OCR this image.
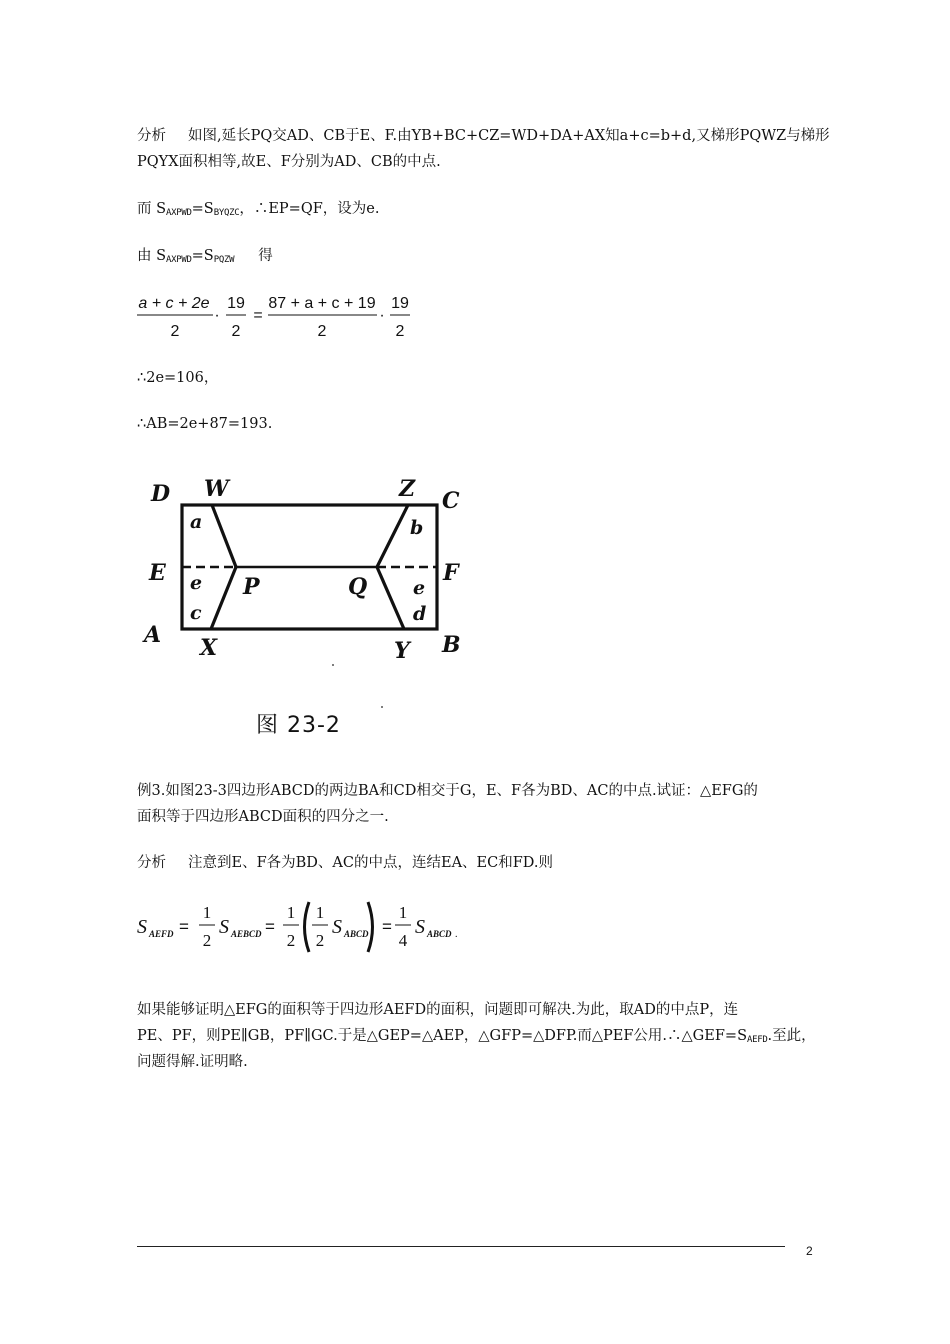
分析 如图,延长PQ交AD、CB于E、F.由YB+BC+CZ=WD+DA+AX知a+c=b+d,又梯形PQWZ与梯形
PQYX面积相等,故E、F分别为AD、CB的中点.
而 $S_{AXPWD}=S_{BYQZC}$，∴EP=QF，设为e.
由 $S_{AXPWD}=S_{PQZW}$ 得
a + c + 2e
2
·
19
2
=
87 + a + c + 19
2
·
19
2
∴2e=106，
∴AB=2e+87=193.
D W	Z C
E
P	Q
F
A X	Y B
a	b
e
c
e
d
图 23-2
例3.如图23-3四边形ABCD的两边BA和CD相交于G，E、F各为BD、AC的中点.试证：△EFG的
面积等于四边形ABCD面积的四分之一.
分析 注意到E、F各为BD、AC的中点，连结EA、EC和FD.则
S AEFD =
1
2
S AEBCD =
1
2
1
2
S ABCD =
1
4
S ABCD .
如果能够证明△EFG的面积等于四边形AEFD的面积，问题即可解决.为此，取AD的中点P，连
PE、PF，则PE∥GB，PF∥GC.于是△GEP=△AEP，△GFP=△DFP.而△PEF公用$.\therefore\triangle GEF=S_{AEFD}$.至此，
问题得解.证明略.
2
